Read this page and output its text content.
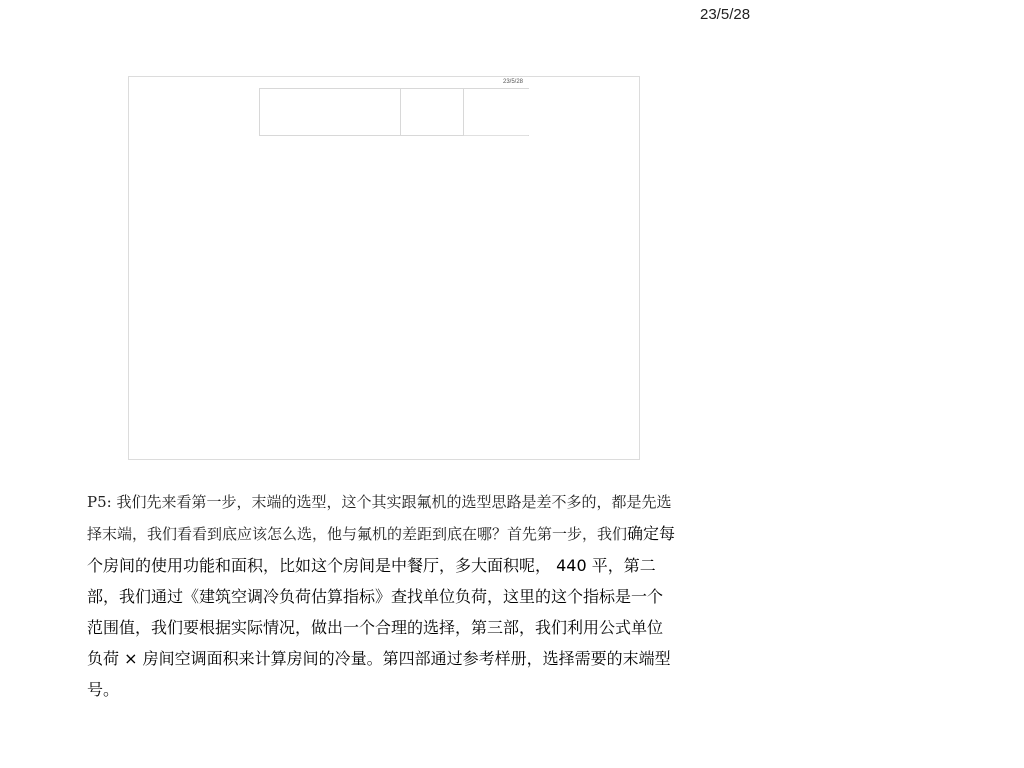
23/5/28
23/5/28
P5: 我们先来看第一步，末端的选型，这个其实跟氟机的选型思路是差不多的，都是先选择末端，我们看看到底应该怎么选，他与氟机的差距到底在哪？首先第一步，我们确定每个房间的使用功能和面积，比如这个房间是中餐厅，多大面积呢， 440 平，第二部，我们通过《建筑空调冷负荷估算指标》查找单位负荷，这里的这个指标是一个范围值，我们要根据实际情况，做出一个合理的选择，第三部，我们利用公式单位负荷 × 房间空调面积来计算房间的冷量。第四部通过参考样册，选择需要的末端型号。
